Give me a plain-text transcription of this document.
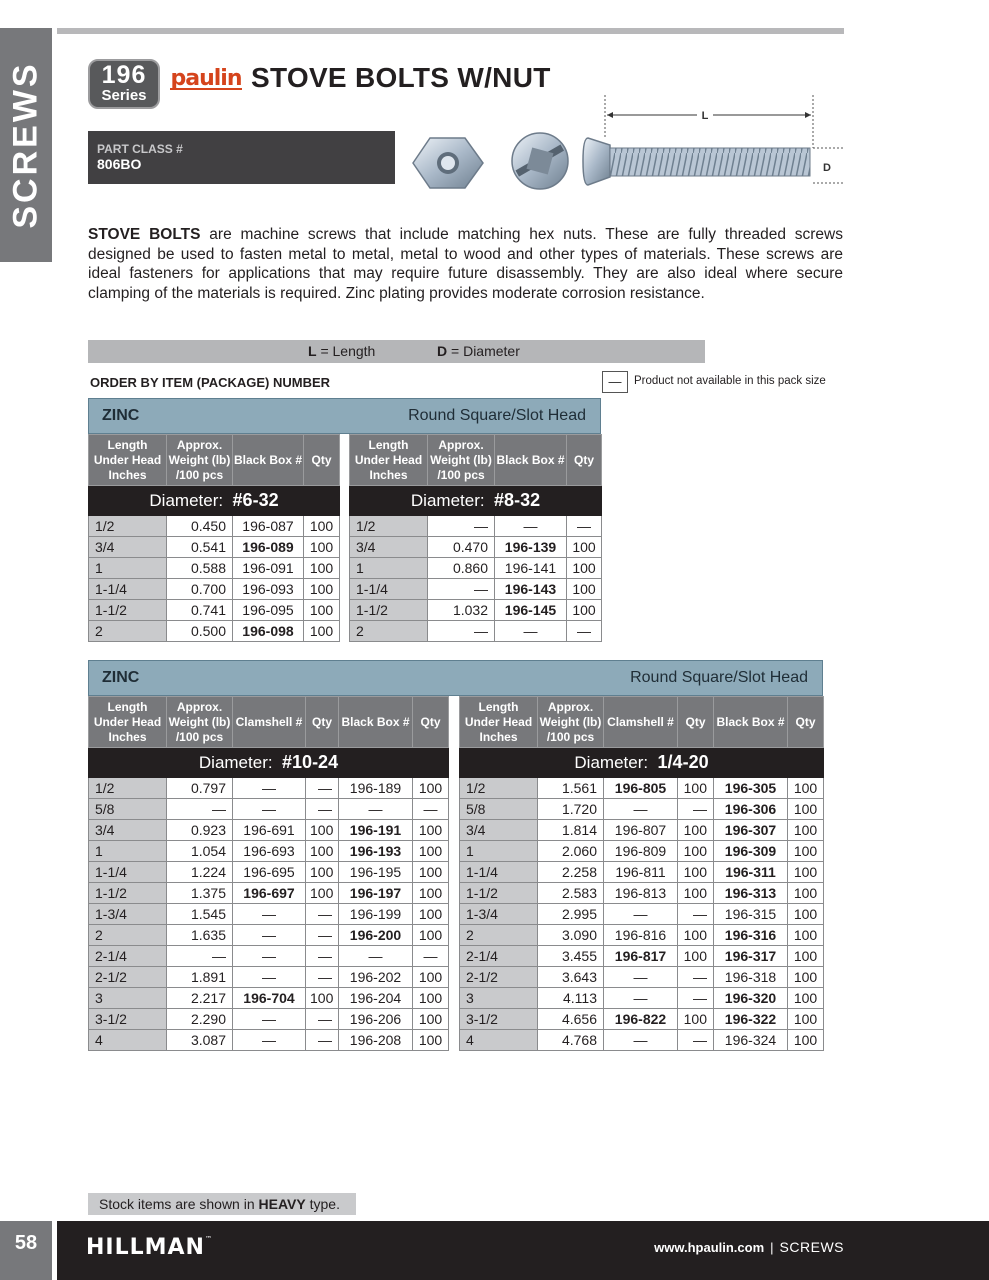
SCREWS	196
Series
paulin STOVE BOLTS W/NUT
PART CLASS #
806BO
L
D
STOVE BOLTS are machine screws that include matching hex nuts. These are fully threaded screws designed be used to fasten metal to metal, metal to wood and other types of materials. These screws are ideal fasteners for applications that may require future disassembly. They are also ideal where secure clamping of the materials is required. Zinc plating provides moderate corrosion resistance.
L = Length	D = Diameter
ORDER BY ITEM (PACKAGE) NUMBER	—	Product not available in this pack size
ZINC	Round Square/Slot Head
Length
Under Head
Inches	Approx.
Weight (lb)
/100 pcs	Black Box #	Qty
Diameter: #6-32			
1/2	0.450	196-087	100
3/4	0.541	196-089	100
1	0.588	196-091	100
1-1/4	0.700	196-093	100
1-1/2	0.741	196-095	100
2	0.500	196-098	100
Length
Under Head
Inches	Approx.
Weight (lb)
/100 pcs	Black Box #	Qty
Diameter: #8-32			
1/2	—	—	—
3/4	0.470	196-139	100
1	0.860	196-141	100
1-1/4	—	196-143	100
1-1/2	1.032	196-145	100
2	—	—	—
ZINC	Round Square/Slot Head
Length
Under Head
Inches	Approx.
Weight (lb)
/100 pcs	Clamshell #	Qty	Black Box #	Qty
Diameter: #10-24					
1/2	0.797	—	—	196-189	100
5/8	—	—	—	—	—
3/4	0.923	196-691	100	196-191	100
1	1.054	196-693	100	196-193	100
1-1/4	1.224	196-695	100	196-195	100
1-1/2	1.375	196-697	100	196-197	100
1-3/4	1.545	—	—	196-199	100
2	1.635	—	—	196-200	100
2-1/4	—	—	—	—	—
2-1/2	1.891	—	—	196-202	100
3	2.217	196-704	100	196-204	100
3-1/2	2.290	—	—	196-206	100
4	3.087	—	—	196-208	100
Length
Under Head
Inches	Approx.
Weight (lb)
/100 pcs	Clamshell #	Qty	Black Box #	Qty
Diameter: 1/4-20					
1/2	1.561	196-805	100	196-305	100
5/8	1.720	—	—	196-306	100
3/4	1.814	196-807	100	196-307	100
1	2.060	196-809	100	196-309	100
1-1/4	2.258	196-811	100	196-311	100
1-1/2	2.583	196-813	100	196-313	100
1-3/4	2.995	—	—	196-315	100
2	3.090	196-816	100	196-316	100
2-1/4	3.455	196-817	100	196-317	100
2-1/2	3.643	—	—	196-318	100
3	4.113	—	—	196-320	100
3-1/2	4.656	196-822	100	196-322	100
4	4.768	—	—	196-324	100
Stock items are shown in HEAVY type.
58	HILLMAN™
www.hpaulin.com | SCREWS
